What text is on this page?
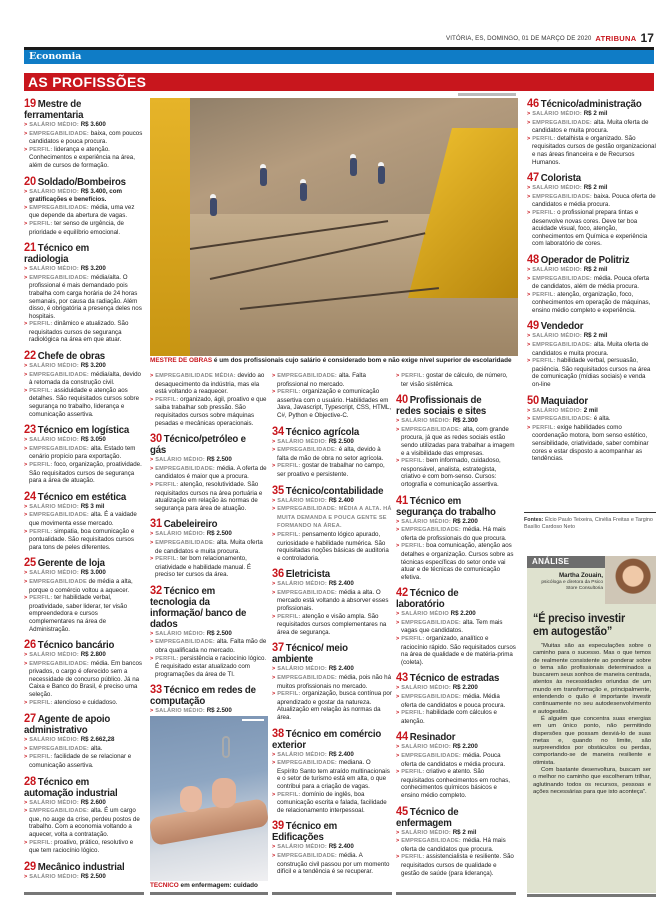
VITÓRIA, ES, DOMINGO, 01 DE MARÇO DE 2020 ATRIBUNA 17
Economia
AS PROFISSÕES
19 Mestre de ferramentaria
> SALÁRIO MÉDIO: R$ 3.600
> EMPREGABILIDADE: baixa, com poucos candidatos e pouca procura.
> PERFIL: liderança e atenção. Conhecimentos e experiência na área, além de cursos de formação.
20 Soldado/Bombeiros
> SALÁRIO MÉDIO: R$ 3.400, com gratificações e benefícios.
> EMPREGABILIDADE: média, uma vez que depende da abertura de vagas.
> PERFIL: ter senso de urgência, de prioridade e equilíbrio emocional.
21 Técnico em radiologia
> SALÁRIO MÉDIO: R$ 3.200
> EMPREGABILIDADE: média/alta. O profissional é mais demandado pois trabalha com carga horária de 24 horas semanais, por causa da radiação. Além disso, é obrigatória a presença deles nos hospitais.
> PERFIL: dinâmico e atualizado. São requisitados cursos de segurança radiológica na área em que atuar.
22 Chefe de obras
> SALÁRIO MÉDIO: R$ 3.200
> EMPREGABILIDADE: média/alta, devido à retomada da construção civil.
> PERFIL: assiduidade e atenção aos detalhes. São requisitados cursos sobre segurança no trabalho, liderança e comunicação assertiva.
23 Técnico em logística
> SALÁRIO MÉDIO: R$ 3.050
> EMPREGABILIDADE: alta. Estado tem cenário propício para exportação.
> PERFIL: foco, organização, proatividade. São requisitados cursos de segurança para a área de atuação.
24 Técnico em estética
> SALÁRIO MÉDIO: R$ 3 mil
> EMPREGABILIDADE: alta. É a vaidade que movimenta esse mercado.
> PERFIL: simpatia, boa comunicação e pontualidade. São requisitados cursos para tons de peles diferentes.
25 Gerente de loja
> SALÁRIO MÉDIO: R$ 3.000
> EMPREGABILIDADE de média a alta, porque o comércio voltou a aquecer.
> PERFIL: ter habilidade verbal, proatividade, saber liderar, ter visão empreendedora e cursos complementares na área de Administração.
26 Técnico bancário
> SALÁRIO MÉDIO: R$ 2.800
> EMPREGABILIDADE: média. Em bancos privados, o cargo é oferecido sem a necessidade de concurso público. Já na Caixa e Banco do Brasil, é preciso uma seleção.
> PERFIL: atencioso e cuidadoso.
27 Agente de apoio administrativo
> SALÁRIO MÉDIO: R$ 2.662,28
> EMPREGABILIDADE: alta.
> PERFIL: facilidade de se relacionar e comunicação assertiva.
28 Técnico em automação industrial
> SALÁRIO MÉDIO: R$ 2.600
> EMPREGABILIDADE: alta. É um cargo que, no auge da crise, perdeu postos de trabalho. Com a economia voltando a aquecer, volta a contratação.
> PERFIL: proativo, prático, resolutivo e que tem raciocínio lógico.
29 Mecânico industrial
> SALÁRIO MÉDIO: R$ 2.500
MESTRE DE OBRAS é um dos profissionais cujo salário é considerado bom e não exige nível superior de escolaridade
> EMPREGABILIDADE MÉDIA: devido ao desaquecimento da indústria, mas ela está voltando a reaquecer.
> PERFIL: organizado, ágil, proativo e que saiba trabalhar sob pressão. São requisitados cursos sobre máquinas pesadas e mecânicas operacionais.
30 Técnico/petróleo e gás
> SALÁRIO MÉDIO: R$ 2.500
> EMPREGABILIDADE: média. A oferta de candidatos é maior que a procura.
> PERFIL: atenção, resolutividade. São requisitados cursos na área portuária e atualização em relação às normas de segurança para área de atuação.
31 Cabeleireiro
> SALÁRIO MÉDIO: R$ 2.500
> EMPREGABILIDADE: alta. Muita oferta de candidatos e muita procura.
> PERFIL: ter bom relacionamento, criatividade e habilidade manual. É preciso ter cursos da área.
32 Técnico em tecnologia da informação/ banco de dados
> SALÁRIO MÉDIO: R$ 2.500
> EMPREGABILIDADE: alta. Falta mão de obra qualificada no mercado.
> PERFIL: persistência e raciocínio lógico. É requisitado estar atualizado com programações da área de TI.
33 Técnico em redes de computação
> SALÁRIO MÉDIO: R$ 2.500
TÉCNICO em enfermagem: cuidado
> EMPREGABILIDADE: alta. Falta profissional no mercado.
> PERFIL: organização e comunicação assertiva com o usuário. Habilidades em Java, Javascript, Typescript, CSS, HTML, C#, Python e Objective-C.
34 Técnico agrícola
> SALÁRIO MÉDIO: R$ 2.500
> EMPREGABILIDADE: é alta, devido à falta de mão de obra no setor agrícola.
> PERFIL: gostar de trabalhar no campo, ser proativo e persistente.
35 Técnico/contabilidade
> SALÁRIO MÉDIO: R$ 2.400
> EMPREGABILIDADE: MÉDIA A ALTA. HÁ MUITA DEMANDA E POUCA GENTE SE FORMANDO NA ÁREA.
> PERFIL: pensamento lógico apurado, curiosidade e habilidade numérica. São requisitadas noções básicas de auditoria e controladoria.
36 Eletricista
> SALÁRIO MÉDIO: R$ 2.400
> EMPREGABILIDADE: média a alta. O mercado está voltando a absorver esses profissionais.
> PERFIL: atenção e visão ampla. São requisitados cursos complementares na área de segurança.
37 Técnico/ meio ambiente
> SALÁRIO MÉDIO: R$ 2.400
> EMPREGABILIDADE: média, pois não há muitos profissionais no mercado.
> PERFIL: organização, busca contínua por aprendizado e gostar da natureza. Atualização em relação às normas da área.
38 Técnico em comércio exterior
> SALÁRIO MÉDIO: R$ 2.400
> EMPREGABILIDADE: mediana. O Espírito Santo tem atraído multinacionais e o setor de turismo está em alta, o que contribui para a criação de vagas.
> PERFIL: domínio de inglês, boa comunicação escrita e falada, facilidade de relacionamento interpessoal.
39 Técnico em Edificações
> SALÁRIO MÉDIO: R$ 2.400
> EMPREGABILIDADE: média. A construção civil passou por um momento difícil e a tendência é se recuperar.
> PERFIL: gostar de cálculo, de número, ter visão sistêmica.
40 Profissionais de redes sociais e sites
> SALÁRIO MÉDIO: R$ 2.300
> EMPREGABILIDADE: alta, com grande procura, já que as redes sociais estão sendo utilizadas para trabalhar a imagem e a visibilidade das empresas.
> PERFIL: bem informado, cuidadoso, responsável, analista, estrategista, criativo e com bom-senso. Cursos: ortografia e comunicação assertiva.
41 Técnico em segurança do trabalho
> SALÁRIO MÉDIO: R$ 2.200
> EMPREGABILIDADE: média. Há mais oferta de profissionais do que procura.
> PERFIL: boa comunicação, atenção aos detalhes e organização. Cursos sobre as técnicas específicas do setor onde vai atuar e de técnicas de comunicação efetiva.
42 Técnico de laboratório
> SALÁRIO MÉDIO R$ 2.200
> EMPREGABILIDADE: alta. Tem mais vagas que candidatos.
> PERFIL: organizado, analítico e raciocínio rápido. São requisitados cursos na área de qualidade e de matéria-prima (coleta).
43 Técnico de estradas
> SALÁRIO MÉDIO: R$ 2.200
> EMPREGABILIDADE: média. Média oferta de candidatos e pouca procura.
> PERFIL: habilidade com cálculos e atenção.
44 Resinador
> SALÁRIO MÉDIO: R$ 2.200
> EMPREGABILIDADE: média. Pouca oferta de candidatos e média procura.
> PERFIL: criativo e atento. São requisitados conhecimentos em rochas, conhecimentos químicos básicos e ensino médio completo.
45 Técnico de enfermagem
> SALÁRIO MÉDIO: R$ 2 mil
> EMPREGABILIDADE: média. Há mais oferta de candidatos que procura.
> PERFIL: assistencialista e resiliente. São requisitados cursos de qualidade e gestão de saúde (para liderança).
46 Técnico/administração
> SALÁRIO MÉDIO: R$ 2 mil
> EMPREGABILIDADE: alta. Muita oferta de candidatos e muita procura.
> PERFIL: detalhista e organizado. São requisitados cursos de gestão organizacional e nas áreas financeira e de Recursos Humanos.
47 Colorista
> SALÁRIO MÉDIO: R$ 2 mil
> EMPREGABILIDADE: baixa. Pouca oferta de candidatos e média procura.
> PERFIL: o profissional prepara tintas e desenvolve novas cores. Deve ter boa acuidade visual, foco, atenção, conhecimentos em Química e experiência com laboratório de cores.
48 Operador de Politriz
> SALÁRIO MÉDIO: R$ 2 mil
> EMPREGABILIDADE: média. Pouca oferta de candidatos, além de média procura.
> PERFIL: atenção, organização, foco, conhecimentos em operação de máquinas, ensino médio completo e experiência.
49 Vendedor
> SALÁRIO MÉDIO: R$ 2 mil
> EMPREGABILIDADE: alta. Muita oferta de candidatos e muita procura.
> PERFIL: habilidade verbal, persuasão, paciência. São requisitados cursos na área de comunicação (mídias sociais) e venda on-line
50 Maquiador
> SALÁRIO MÉDIO: 2 mil
> EMPREGABILIDADE: é alta.
> PERFIL: exige habilidades como coordenação motora, bom senso estético, sensibilidade, criatividade, saber combinar cores e estar disposto a acompanhar as tendências.
Fontes: Élcio Paulo Teixeira, Cinélia Freitas e Targino Basílio Cardoso Neto
ANÁLISE
Martha Zouain,
psicóloga e diretora da Psico Store Consultoria
“É preciso investir em autogestão”

“Muitas são as especulações sobre o caminho para o sucesso. Mas o que temos de realmente consistente ao ponderar sobre o tema são profissionais determinados a buscarem seus sonhos de maneira centrada, atentos às necessidades oriundas de um mundo em transformação e, principalmente, entendendo o quão é importante investir continuamente no seu autodesenvolvimento e autogestão.

É alguém que concentra suas energias em um único ponto, não permitindo dispersões que possam desviá-lo de suas metas e, quando no limite, são surpreendidos por obstáculos ou perdas, comportando-se de maneira resiliente e otimista.

Com bastante desenvoltura, buscam ser o melhor no caminho que escolheram trilhar, aglutinando todos os recursos, pessoas e ações necessárias para que isto aconteça”.
